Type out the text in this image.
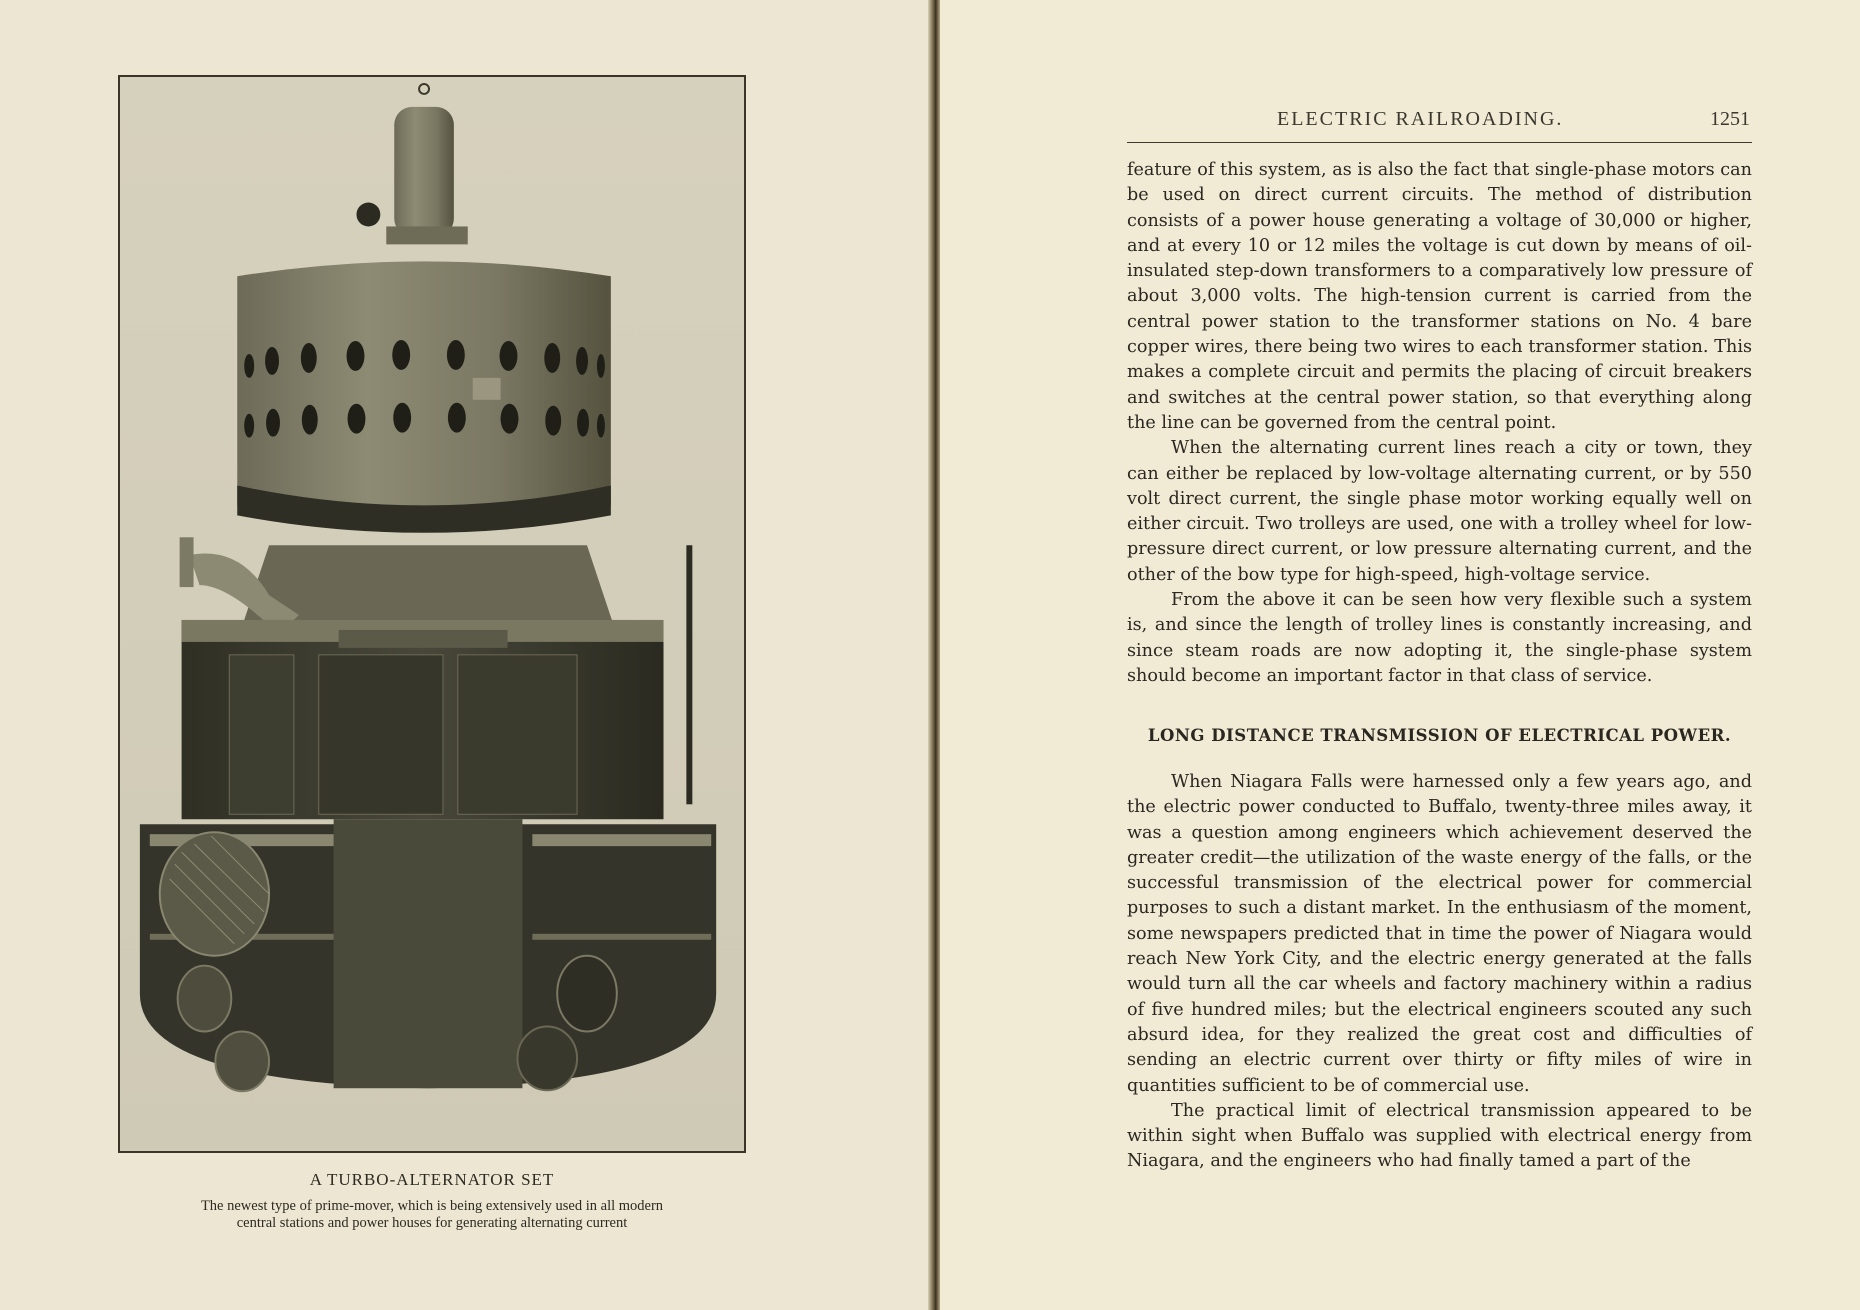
A TURBO-ALTERNATOR SET
The newest type of prime-mover, which is being extensively used in all modern
central stations and power houses for generating alternating current
ELECTRIC RAILROADING.	1251

feature of this system, as is also the fact that single-phase motors can be used on direct current circuits. The method of distribution consists of a power house generating a voltage of 30,000 or higher, and at every 10 or 12 miles the voltage is cut down by means of oil-insulated step-down transformers to a comparatively low pressure of about 3,000 volts. The high-tension current is carried from the central power station to the transformer stations on No. 4 bare copper wires, there being two wires to each transformer station. This makes a complete circuit and permits the placing of circuit breakers and switches at the central power station, so that everything along the line can be governed from the central point.

When the alternating current lines reach a city or town, they can either be replaced by low-voltage alternating current, or by 550 volt direct current, the single phase motor working equally well on either circuit. Two trolleys are used, one with a trolley wheel for low-pressure direct current, or low pressure alternating current, and the other of the bow type for high-speed, high-voltage service.

From the above it can be seen how very flexible such a system is, and since the length of trolley lines is constantly increasing, and since steam roads are now adopting it, the single-phase system should become an important factor in that class of service.

LONG DISTANCE TRANSMISSION OF ELECTRICAL POWER.

When Niagara Falls were harnessed only a few years ago, and the electric power conducted to Buffalo, twenty-three miles away, it was a question among engineers which achievement deserved the greater credit—the utilization of the waste energy of the falls, or the successful transmission of the electrical power for commercial purposes to such a distant market. In the enthusiasm of the moment, some newspapers predicted that in time the power of Niagara would reach New York City, and the electric energy generated at the falls would turn all the car wheels and factory machinery within a radius of five hundred miles; but the electrical engineers scouted any such absurd idea, for they realized the great cost and difficulties of sending an electric current over thirty or fifty miles of wire in quantities sufficient to be of commercial use.

The practical limit of electrical transmission appeared to be within sight when Buffalo was supplied with electrical energy from Niagara, and the engineers who had finally tamed a part of the
